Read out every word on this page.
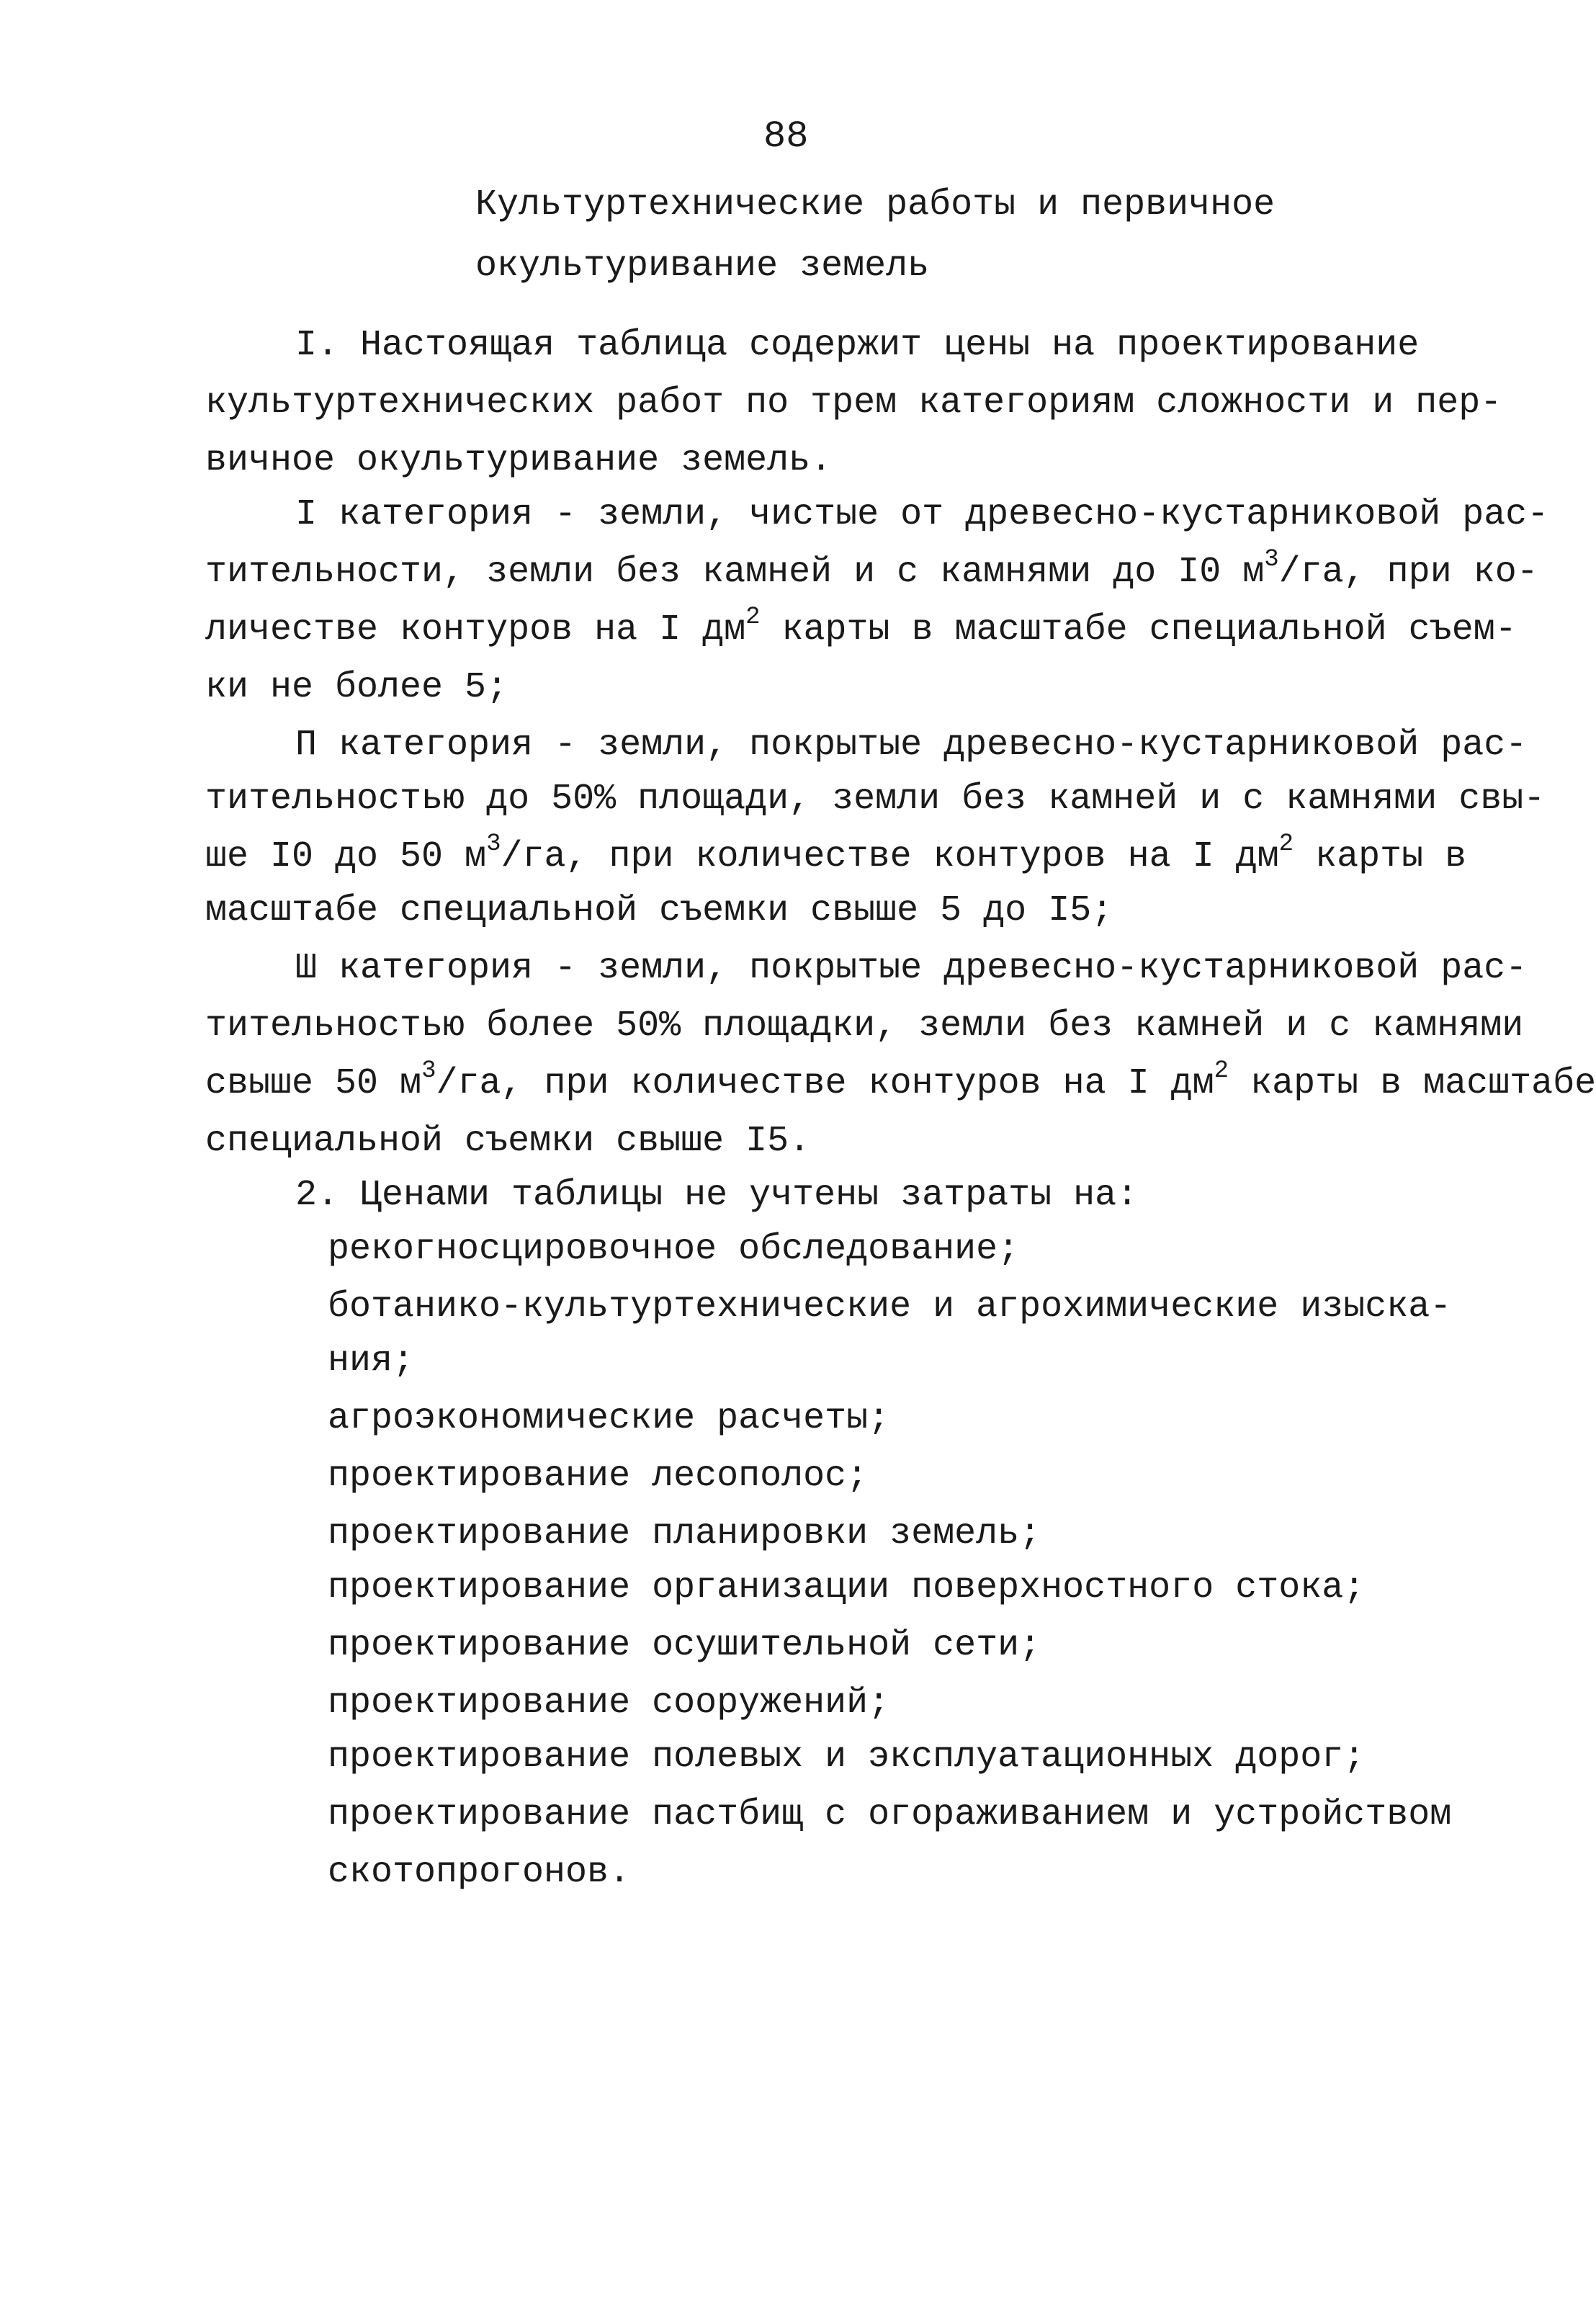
88
Культуртехнические работы и первичное
окультуривание земель
I. Настоящая таблица содержит цены на проектирование
культуртехнических работ по трем категориям сложности и пер-
вичное окультуривание земель.
I категория - земли, чистые от древесно-кустарниковой рас-
тительности, земли без камней и с камнями до I0 $м^3/га$, при ко-
личестве контуров на I $дм^2$ карты в масштабе специальной съем-
ки не более 5;
П категория - земли, покрытые древесно-кустарниковой рас-
тительностью до 50% площади, земли без камней и с камнями свы-
ше I0 до 50 $м^3/га$, при количестве контуров на I $дм^2$ карты в
масштабе специальной съемки свыше 5 до I5;
Ш категория - земли, покрытые древесно-кустарниковой рас-
тительностью более 50% площадки, земли без камней и с камнями
свыше 50 $м^3/га$, при количестве контуров на I $дм^2$ карты в масштабе
специальной съемки свыше I5.
2. Ценами таблицы не учтены затраты на:
рекогносцировочное обследование;
ботанико-культуртехнические и агрохимические изыска-
ния;
агроэкономические расчеты;
проектирование лесополос;
проектирование планировки земель;
проектирование организации поверхностного стока;
проектирование осушительной сети;
проектирование сооружений;
проектирование полевых и эксплуатационных дорог;
проектирование пастбищ с огораживанием и устройством
скотопрогонов.
